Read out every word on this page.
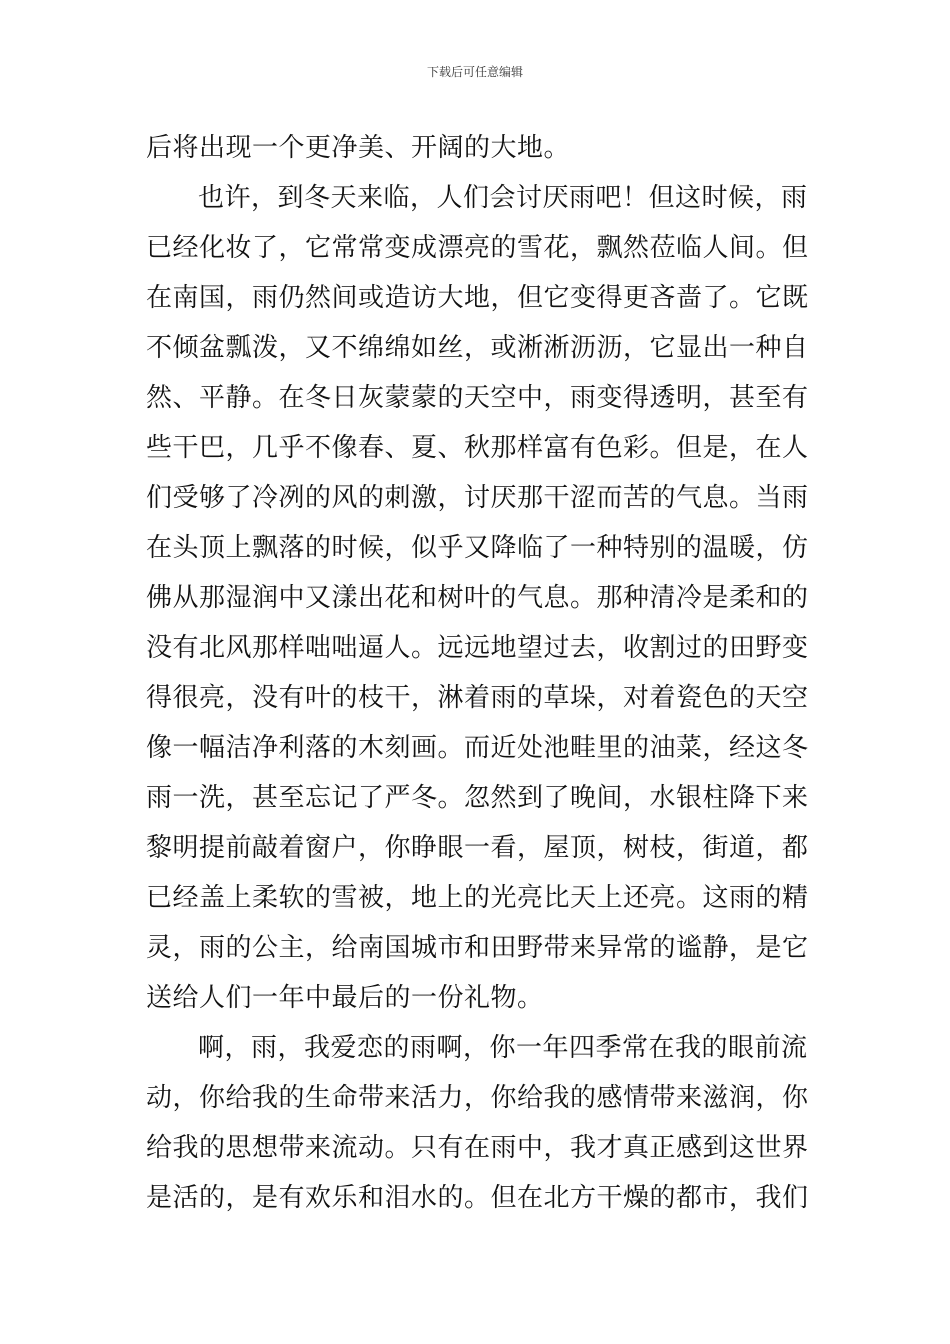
下载后可任意编辑
后将出现一个更净美、开阔的大地。
也许，到冬天来临，人们会讨厌雨吧！但这时候，雨
已经化妆了，它常常变成漂亮的雪花，飘然莅临人间。但
在南国，雨仍然间或造访大地，但它变得更吝啬了。它既
不倾盆瓢泼，又不绵绵如丝，或淅淅沥沥，它显出一种自
然、平静。在冬日灰蒙蒙的天空中，雨变得透明，甚至有
些干巴，几乎不像春、夏、秋那样富有色彩。但是，在人
们受够了冷冽的风的刺激，讨厌那干涩而苦的气息。当雨
在头顶上飘落的时候，似乎又降临了一种特别的温暖，仿
佛从那湿润中又漾出花和树叶的气息。那种清冷是柔和的
没有北风那样咄咄逼人。远远地望过去，收割过的田野变
得很亮，没有叶的枝干，淋着雨的草垛，对着瓷色的天空
像一幅洁净利落的木刻画。而近处池畦里的油菜，经这冬
雨一洗，甚至忘记了严冬。忽然到了晚间，水银柱降下来
黎明提前敲着窗户，你睁眼一看，屋顶，树枝，街道，都
已经盖上柔软的雪被，地上的光亮比天上还亮。这雨的精
灵，雨的公主，给南国城市和田野带来异常的谧静，是它
送给人们一年中最后的一份礼物。
啊，雨，我爱恋的雨啊，你一年四季常在我的眼前流
动，你给我的生命带来活力，你给我的感情带来滋润，你
给我的思想带来流动。只有在雨中，我才真正感到这世界
是活的，是有欢乐和泪水的。但在北方干燥的都市，我们
